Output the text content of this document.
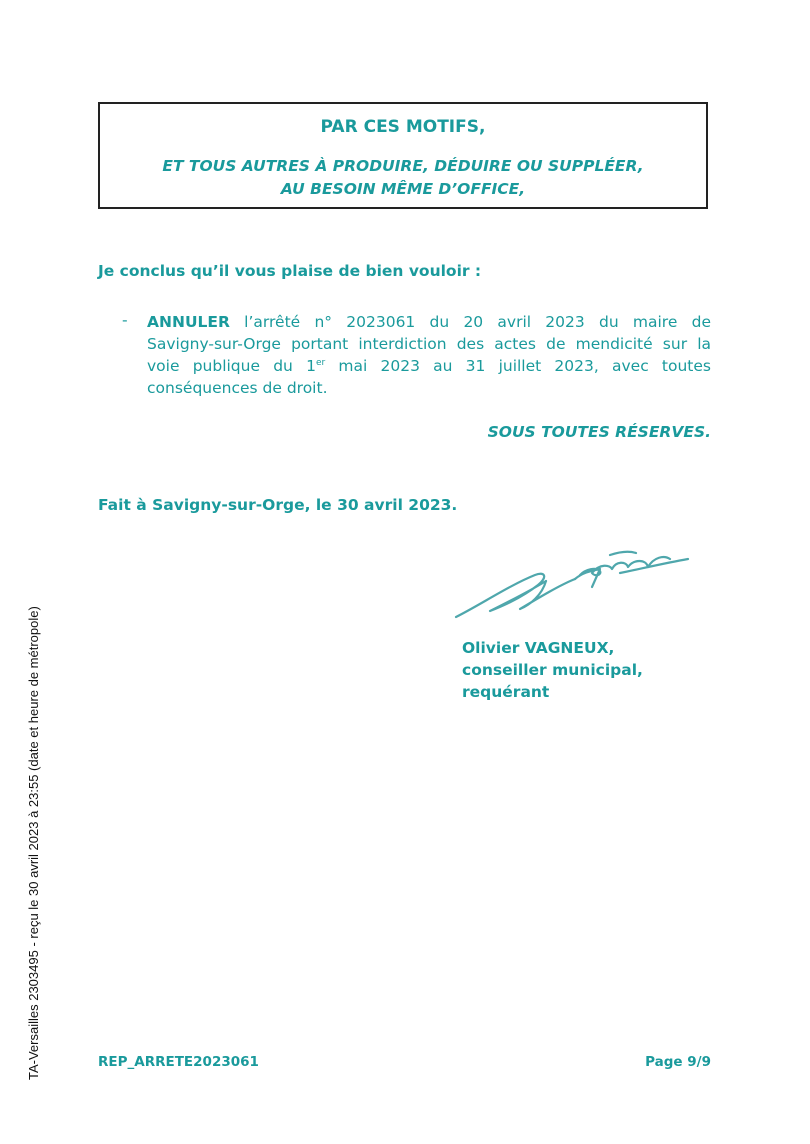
PAR CES MOTIFS,
ET TOUS AUTRES À PRODUIRE, DÉDUIRE OU SUPPLÉER,
AU BESOIN MÊME D’OFFICE,
Je conclus qu’il vous plaise de bien vouloir :
- ANNULER l’arrêté n° 2023061 du 20 avril 2023 du maire de
Savigny-sur-Orge portant interdiction des actes de mendicité sur la
voie publique du 1er mai 2023 au 31 juillet 2023, avec toutes
conséquences de droit.
SOUS TOUTES RÉSERVES.
Fait à Savigny-sur-Orge, le 30 avril 2023.
Olivier VAGNEUX,
conseiller municipal,
requérant
TA-Versailles 2303495 - reçu le 30 avril 2023 à 23:55 (date et heure de métropole)	REP_ARRETE2023061	Page 9/9
